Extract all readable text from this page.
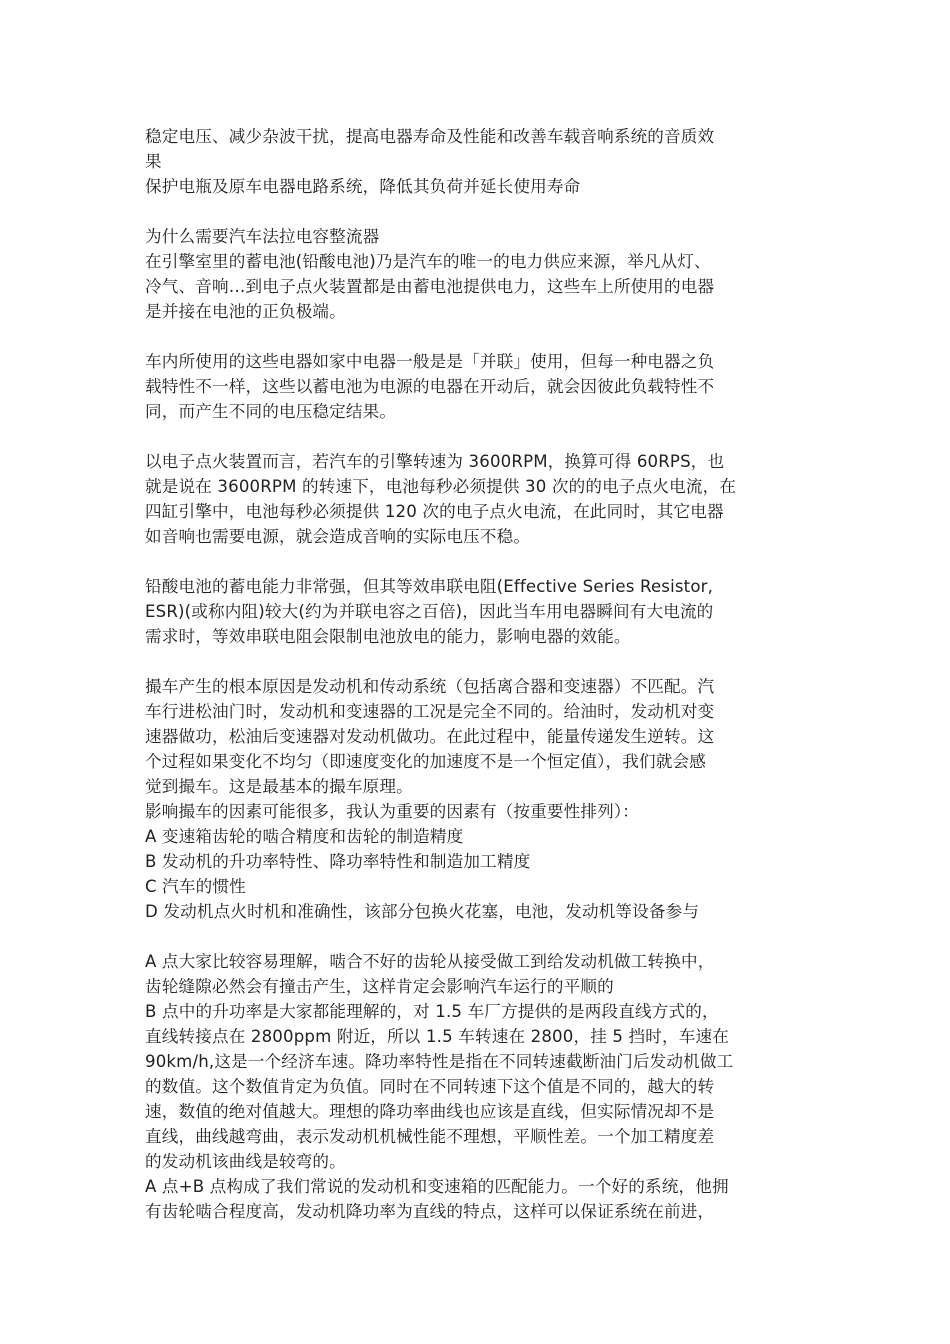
稳定电压、减少杂波干扰，提高电器寿命及性能和改善车载音响系统的音质效
果
保护电瓶及原车电器电路系统，降低其负荷并延长使用寿命
为什么需要汽车法拉电容整流器
在引擎室里的蓄电池(铅酸电池)乃是汽车的唯一的电力供应来源，举凡从灯、
冷气、音响…到电子点火装置都是由蓄电池提供电力，这些车上所使用的电器
是并接在电池的正负极端。
车内所使用的这些电器如家中电器一般是是「并联」使用，但每一种电器之负
载特性不一样，这些以蓄电池为电源的电器在开动后，就会因彼此负载特性不
同，而产生不同的电压稳定结果。
以电子点火装置而言，若汽车的引擎转速为 3600RPM，换算可得 60RPS，也
就是说在 3600RPM 的转速下，电池每秒必须提供 30 次的的电子点火电流，在
四缸引擎中，电池每秒必须提供 120 次的电子点火电流，在此同时，其它电器
如音响也需要电源，就会造成音响的实际电压不稳。
铅酸电池的蓄电能力非常强，但其等效串联电阻(Effective Series Resistor,
ESR)(或称内阻)较大(约为并联电容之百倍)，因此当车用电器瞬间有大电流的
需求时，等效串联电阻会限制电池放电的能力，影响电器的效能。
撮车产生的根本原因是发动机和传动系统（包括离合器和变速器）不匹配。汽
车行进松油门时，发动机和变速器的工况是完全不同的。给油时，发动机对变
速器做功，松油后变速器对发动机做功。在此过程中，能量传递发生逆转。这
个过程如果变化不均匀（即速度变化的加速度不是一个恒定值），我们就会感
觉到撮车。这是最基本的撮车原理。
影响撮车的因素可能很多，我认为重要的因素有（按重要性排列）：
A 变速箱齿轮的啮合精度和齿轮的制造精度
B 发动机的升功率特性、降功率特性和制造加工精度
C 汽车的惯性
D 发动机点火时机和准确性，该部分包换火花塞，电池，发动机等设备参与
A 点大家比较容易理解，啮合不好的齿轮从接受做工到给发动机做工转换中，
齿轮缝隙必然会有撞击产生，这样肯定会影响汽车运行的平顺的
B 点中的升功率是大家都能理解的，对 1.5 车厂方提供的是两段直线方式的，
直线转接点在 2800ppm 附近，所以 1.5 车转速在 2800，挂 5 挡时，车速在
90km/h,这是一个经济车速。降功率特性是指在不同转速截断油门后发动机做工
的数值。这个数值肯定为负值。同时在不同转速下这个值是不同的，越大的转
速，数值的绝对值越大。理想的降功率曲线也应该是直线，但实际情况却不是
直线，曲线越弯曲，表示发动机机械性能不理想，平顺性差。一个加工精度差
的发动机该曲线是较弯的。
A 点+B 点构成了我们常说的发动机和变速箱的匹配能力。一个好的系统，他拥
有齿轮啮合程度高，发动机降功率为直线的特点，这样可以保证系统在前进，
